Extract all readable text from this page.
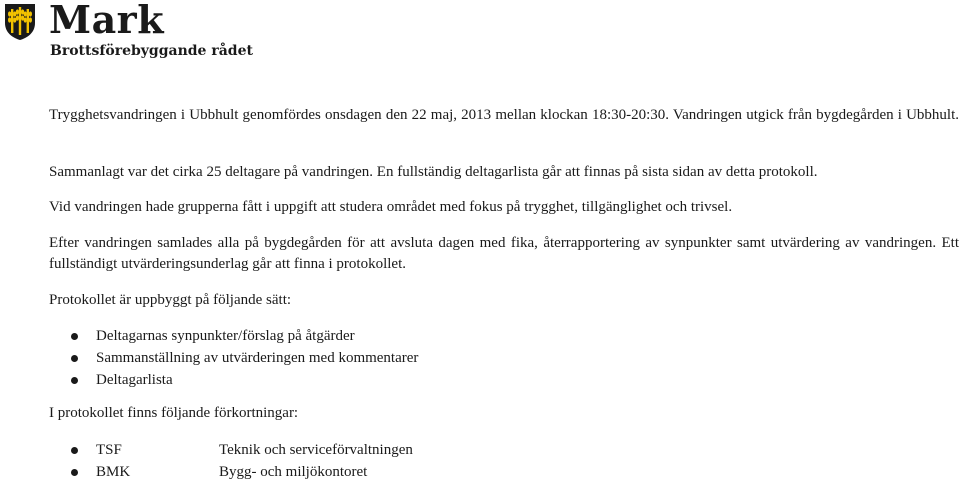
Mark
Brottsförebyggande rådet

Trygghetsvandringen i Ubbhult genomfördes onsdagen den 22 maj, 2013 mellan klockan 18:30-20:30. Vandringen utgick från bygdegården i Ubbhult.

Sammanlagt var det cirka 25 deltagare på vandringen. En fullständig deltagarlista går att finnas på sista sidan av detta protokoll.

Vid vandringen hade grupperna fått i uppgift att studera området med fokus på trygghet, tillgänglighet och trivsel.

Efter vandringen samlades alla på bygdegården för att avsluta dagen med fika, återrapportering av synpunkter samt utvärdering av vandringen. Ett fullständigt utvärderingsunderlag går att finna i protokollet.

Protokollet är uppbyggt på följande sätt:

Deltagarnas synpunkter/förslag på åtgärder
Sammanställning av utvärderingen med kommentarer
Deltagarlista

I protokollet finns följande förkortningar:

TSF	Teknik och serviceförvaltningen
BMK	Bygg- och miljökontoret
